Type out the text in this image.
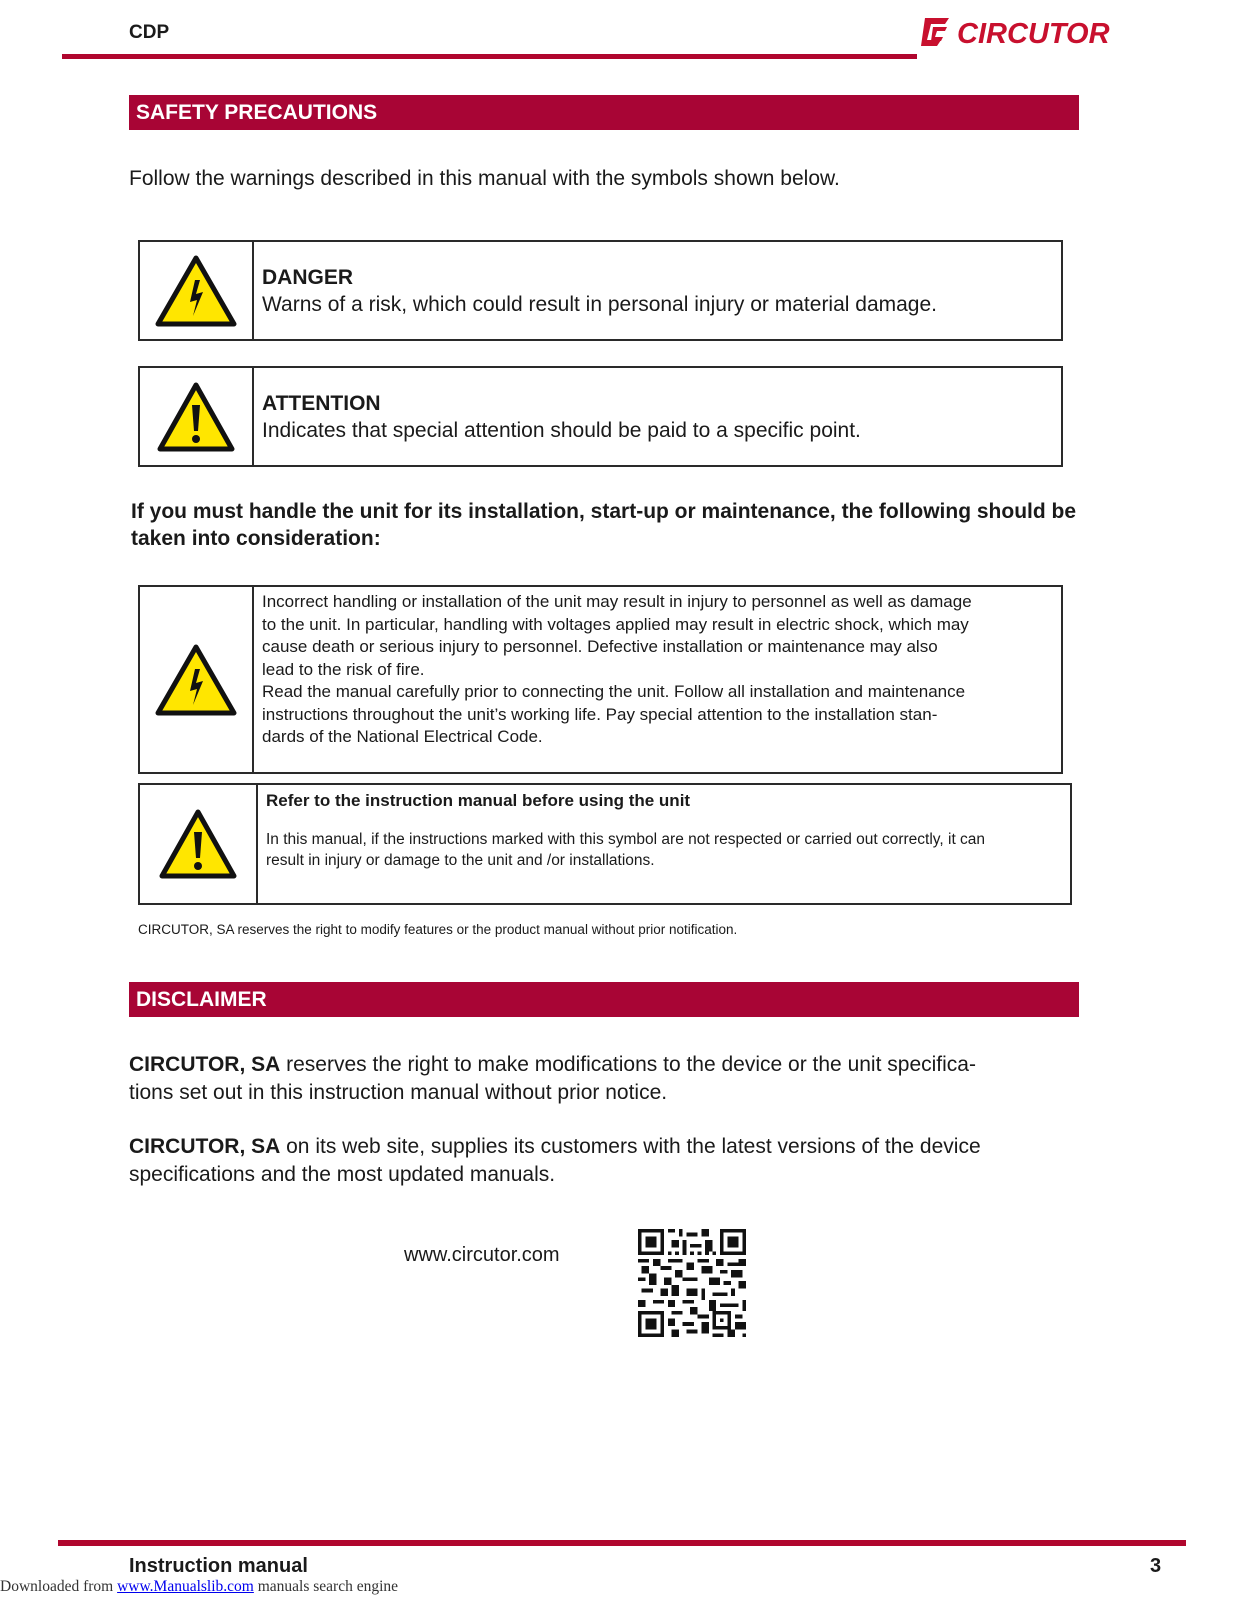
CDP	CIRCUTOR
SAFETY PRECAUTIONS
Follow the warnings described in this manual with the symbols shown below.
DANGER
Warns of a risk, which could result in personal injury or material damage.
ATTENTION
Indicates that special attention should be paid to a specific point.
If you must handle the unit for its installation, start-up or maintenance, the following should be taken into consideration:
Incorrect handling or installation of the unit may result in injury to personnel as well as damage
to the unit. In particular, handling with voltages applied may result in electric shock, which may
cause death or serious injury to personnel. Defective installation or maintenance may also
lead to the risk of fire.
Read the manual carefully prior to connecting the unit. Follow all installation and maintenance
instructions throughout the unit’s working life. Pay special attention to the installation stan-
dards of the National Electrical Code.
Refer to the instruction manual before using the unit
In this manual, if the instructions marked with this symbol are not respected or carried out correctly, it can
result in injury or damage to the unit and /or installations.
CIRCUTOR, SA reserves the right to modify features or the product manual without prior notification.
DISCLAIMER
CIRCUTOR, SA reserves the right to make modifications to the device or the unit specifica-
tions set out in this instruction manual without prior notice.
CIRCUTOR, SA on its web site, supplies its customers with the latest versions of the device
specifications and the most updated manuals.
www.circutor.com
Instruction manual	3
Downloaded from www.Manualslib.com manuals search engine
